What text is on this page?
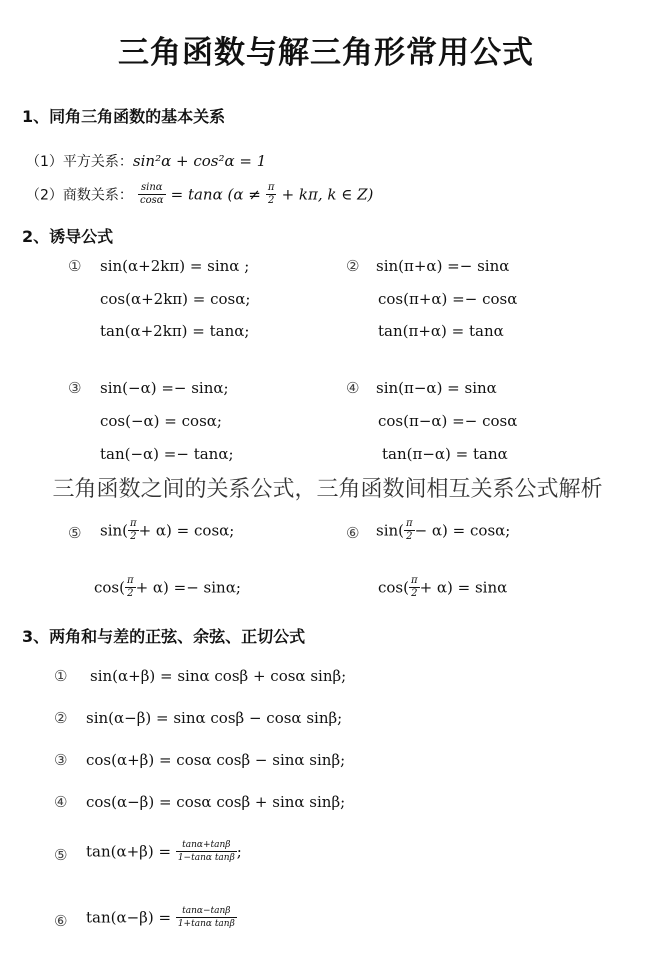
三角函数与解三角形常用公式
1、同角三角函数的基本关系
（1）平方关系：sin²α + cos²α = 1
（2）商数关系： $\frac{\sin\alpha}{\cos\alpha} = \tan\alpha$ ($\alpha \ne \frac{\pi}{2} + k\pi$, k ∈ Z)
2、诱导公式
① sin(α+2kπ) = sinα ;
cos(α+2kπ) = cosα;
tan(α+2kπ) = tanα;
② sin(π+α) =− sinα
cos(π+α) =− cosα
tan(π+α) = tanα
③ sin(−α) =− sinα;
cos(−α) = cosα;
tan(−α) =− tanα;
④ sin(π−α) = sinα
cos(π−α) =− cosα
tan(π−α) = tanα
三角函数之间的关系公式，三角函数间相互关系公式解析
⑤ $\sin( \frac{\pi}{2} + \alpha) = \cos\alpha$;
$\cos( \frac{\pi}{2} + \alpha) =- \sin\alpha$;
⑥ $\sin( \frac{\pi}{2} - \alpha) = \cos\alpha$;
$\cos( \frac{\pi}{2} + \alpha) = \sin\alpha$
3、两角和与差的正弦、余弦、正切公式
① sin(α+β) = sinα cosβ + cosα sinβ;
② sin(α−β) = sinα cosβ − cosα sinβ;
③ cos(α+β) = cosα cosβ − sinα sinβ;
④ cos(α−β) = cosα cosβ + sinα sinβ;
⑤ $\tan(\alpha+\beta) = \frac{\tan\alpha+\tan\beta}{\text{1−tanα tanβ}}$ ;
⑥ $\tan(\alpha-\beta) = \frac{\tan\alpha-\tan\beta}{\text{1+tanα tanβ}}$
